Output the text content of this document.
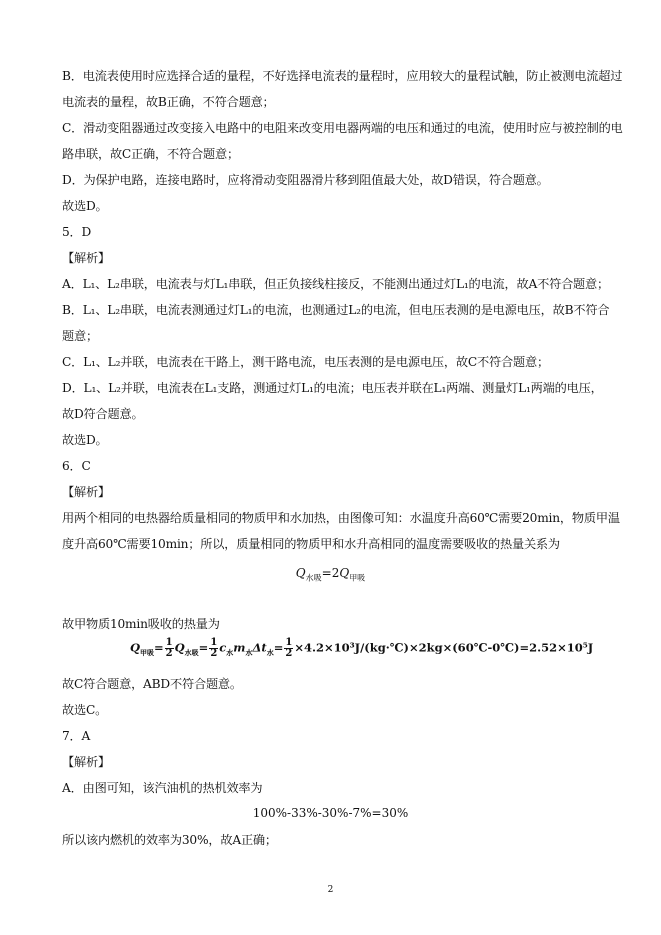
B．电流表使用时应选择合适的量程，不好选择电流表的量程时，应用较大的量程试触，防止被测电流超过
电流表的量程，故B正确，不符合题意；
C．滑动变阻器通过改变接入电路中的电阻来改变用电器两端的电压和通过的电流，使用时应与被控制的电
路串联，故C正确，不符合题意；
D．为保护电路，连接电路时，应将滑动变阻器滑片移到阻值最大处，故D错误，符合题意。
故选D。
5．D
【解析】
A．L₁、L₂串联，电流表与灯L₁串联，但正负接线柱接反，不能测出通过灯L₁的电流，故A不符合题意；
B．L₁、L₂串联，电流表测通过灯L₁的电流，也测通过L₂的电流，但电压表测的是电源电压，故B不符合
题意；
C．L₁、L₂并联，电流表在干路上，测干路电流，电压表测的是电源电压，故C不符合题意；
D．L₁、L₂并联，电流表在L₁支路，测通过灯L₁的电流；电压表并联在L₁两端、测量灯L₁两端的电压，
故D符合题意。
故选D。
6．C
【解析】
用两个相同的电热器给质量相同的物质甲和水加热，由图像可知：水温度升高60℃需要20min，物质甲温
度升高60℃需要10min；所以，质量相同的物质甲和水升高相同的温度需要吸收的热量关系为
$Q_{水吸}=2Q_{甲吸}$
故甲物质10min吸收的热量为
$Q_{甲吸}= \frac{1}{2} Q_{水吸}= \frac{1}{2} c_水m_水\Delta t_水= \frac{1}{2}$ ×4.2×10³J/(kg·℃)×2kg×(60℃-0℃)=2.52×10⁵J
故C符合题意，ABD不符合题意。
故选C。
7．A
【解析】
A．由图可知，该汽油机的热机效率为
100%-33%-30%-7%=30%
所以该内燃机的效率为30%，故A正确；
2
